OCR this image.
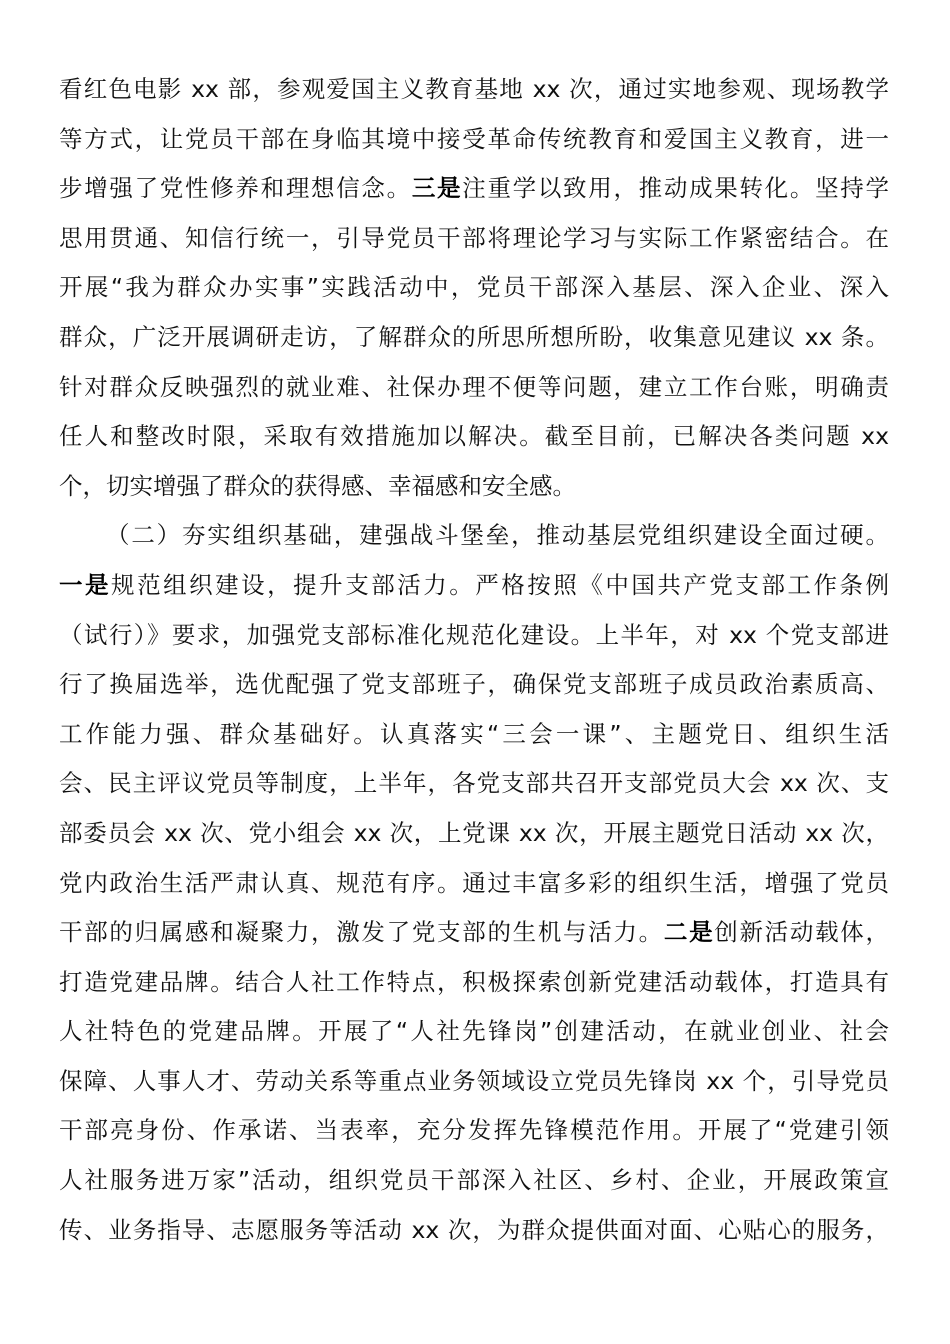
看红色电影 xx 部，参观爱国主义教育基地 xx 次，通过实地参观、现场教学
等方式，让党员干部在身临其境中接受革命传统教育和爱国主义教育，进一
步增强了党性修养和理想信念。三是注重学以致用，推动成果转化。坚持学
思用贯通、知信行统一，引导党员干部将理论学习与实际工作紧密结合。在
开展“我为群众办实事”实践活动中，党员干部深入基层、深入企业、深入
群众，广泛开展调研走访，了解群众的所思所想所盼，收集意见建议 xx 条。
针对群众反映强烈的就业难、社保办理不便等问题，建立工作台账，明确责
任人和整改时限，采取有效措施加以解决。截至目前，已解决各类问题 xx
个，切实增强了群众的获得感、幸福感和安全感。
（二）夯实组织基础，建强战斗堡垒，推动基层党组织建设全面过硬。
一是规范组织建设，提升支部活力。严格按照《中国共产党支部工作条例
（试行）》要求，加强党支部标准化规范化建设。上半年，对 xx 个党支部进
行了换届选举，选优配强了党支部班子，确保党支部班子成员政治素质高、
工作能力强、群众基础好。认真落实“三会一课”、主题党日、组织生活
会、民主评议党员等制度，上半年，各党支部共召开支部党员大会 xx 次、支
部委员会 xx 次、党小组会 xx 次，上党课 xx 次，开展主题党日活动 xx 次，
党内政治生活严肃认真、规范有序。通过丰富多彩的组织生活，增强了党员
干部的归属感和凝聚力，激发了党支部的生机与活力。二是创新活动载体，
打造党建品牌。结合人社工作特点，积极探索创新党建活动载体，打造具有
人社特色的党建品牌。开展了“人社先锋岗”创建活动，在就业创业、社会
保障、人事人才、劳动关系等重点业务领域设立党员先锋岗 xx 个，引导党员
干部亮身份、作承诺、当表率，充分发挥先锋模范作用。开展了“党建引领
人社服务进万家”活动，组织党员干部深入社区、乡村、企业，开展政策宣
传、业务指导、志愿服务等活动 xx 次，为群众提供面对面、心贴心的服务，
